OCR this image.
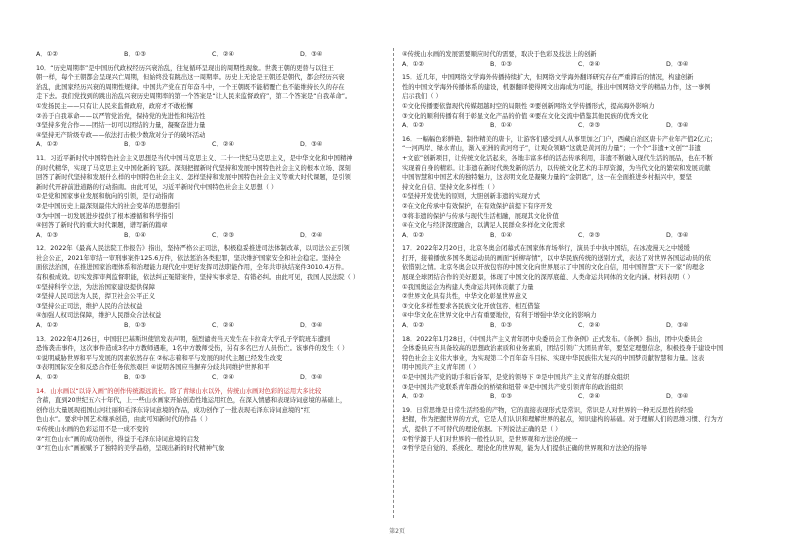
A．①②	B．①③	C．②④	D．③④
10．“历史周期率”是中国历代政权经历兴衰治乱，往复循环呈现出的周期性现象。世袭王朝的更替与以往王
朝一样，每个王朝都会呈现兴亡周期，但始终没有跳出这一周期率。历史上无论是王朝还是朝代，都会经历兴衰
治乱，此国家经历兴衰的周期性规律。中国共产党在百年奋斗中，一个王朝既不能稍覆亡也不能维持长久的存在
走下去。我们党找到的跳出治乱兴衰历史周期率的第一个答案是“让人民来监督政府”，第二个答案是“自我革命”。
①发扬民主——只有让人民来监督政府，政府才不敢松懈
②善于自我革命——以严管党治党，保持党的先进性和纯洁性
③坚持多党合作——团结一切可以团结的力量，凝聚奋进力量
④坚持无产阶级专政——依法打击极少数敌对分子的破坏活动
A．①②	B．①③	C．②④	D．③④
11．习近平新时代中国特色社会主义思想是当代中国马克思主义、二十一世纪马克思主义，是中华文化和中国精神
的时代精华，实现了马克思主义中国化新的飞跃。深刻把握新时代坚持和发展中国特色社会主义的根本立场、深刻
回答了新时代坚持和发展什么样的中国特色社会主义、怎样坚持和发展中国特色社会主义等重大时代课题，是引领
新时代开辟前进道路的行动指南。由此可见，习近平新时代中国特色社会主义思想（ ）
①是党和国家事业发展和航向的引领，是行动指南
②是中国历史上最深刻最伟大的社会变革的思想指引
③为中国一切发展进步提供了根本遵循和科学指引
④回答了新时代的重大时代课题，谱写新的篇章
A．①③	B．①④	C．②③	D．②④
12．2022年《最高人民法院工作报告》指出，坚持严格公正司法，积极稳妥推进司法体制改革，以司法公正引领
社会公正，2021年审结一审刑事案件125.6万件，依法惩治各类犯罪，坚决维护国家安全和社会稳定。坚持全
面依法治国，在推进国家治理体系和治理能力现代化中更好发挥司法职能作用，全年共审执结案件3010.4万件。
有积极成效。切实发挥审判监督职能，依法纠正冤错案件，坚持实事求是、有错必纠。由此可见，我国人民法院（ ）
①坚持科学立法，为法治国家建设提供保障
②坚持人民司法为人民，捍卫社会公平正义
③坚持公正司法，维护人民的合法权益
④加强人权司法保障，维护人民群众合法权益
A．①②	B．①③	C．②④	D．③④
13．2022年4月26日，中国驻巴基斯坦使馆发表声明，强烈谴责当天发生在卡拉奇大学孔子学院班车遭到
恐怖袭击事件，这次事件造成3名中方教师遇难，1名中方教师受伤，另有多名巴方人员伤亡。该事件的发生（ ）
①说明威胁世界和平与发展的因素依然存在 ②标志着和平与发展的时代主题已经发生改变
③表明国际安全和反恐合作任务依然艰巨 ④说明各国应当摒弃分歧共同维护世界和平
A．①②	B．①③	C．②④	D．③④
14．山水画以“以诗入画”的创作传统源远流长。除了青绿山水以外，传统山水画对色彩的运用大多比较
含蓄，直到20世纪五六十年代，上一些山水画家开始创造性地运用红色，在深入情感和表现诗词意境的基础上，
创作出大量展现祖国山河壮丽和毛泽东诗词意境的作品，成功创作了一批表现毛泽东诗词意境的“红
色山水”。要求中国艺术继承创造，由此可知新时代的作品（ ）
①传统山水画的色彩运用不是一成不变的
②“红色山水”画的成功创作，得益于毛泽东诗词意境的启发
③“红色山水”画被赋予了独特的美学品格，呈现出新的时代精神气象
④传统山水画的发展需要顺应时代的需要，取决于色彩及技法上的创新
A．①②	B．①③	C．②④	D．③④
15．近几年，中国网络文学海外传播持续扩大，但网络文学海外翻译研究存在严重滞后的情况，构建创新
性的中国文学海外传播体系的建设，机器翻译使得网文出海成为可能，推出中国网络文学的精品力作，这一事例
启示我们（ ）
①文化传播要依靠现代传媒超越时空的局限性 ②要创新网络文学传播形式，提高海外影响力
③文化的顺利传播有利于彰显文化产品的价值 ④要在文化交流中借鉴其他民族的优秀文化
A．①②	B．①④	C．②③	D．③④
16．一幅幅色彩鲜艳、制作精美的唐卡，让游客们感受到人从事里加之门户，西藏自治区唐卡产业年产值2亿元；
“一河两岸、绿水青山，渐入亚洲的黄河弯子”，让观众领略“这就是黄河的力量”；一个个“非遗+文创”“非遗
+文旅”创新项目，让传统文化活起来，各地丰富多样的活态传承利用，非遗不断融入现代生活的展品，也在不断
实现着自身的精彩。让非遗在新时代焕发新的活力，以传统文化艺术的丰厚资源，为当代文化的繁荣和发展贡献
中国智慧和中国艺术的独特魅力，这表明文化是凝聚力量的“金钥匙”，这一在全面推进乡村振兴中，要坚
持文化自信、坚持文化多样性（ ）
①坚持开发优先的原则，大胆创新非遗的实现方式
②在文化传承中有效保护，在有效保护前提下有序开发
③将非遗的保护与传承与现代生活相融，展现其文化价值
④在文化与经济深度融合，以满足人民群众多样化文化需求
A．①②	B．①④	C．②③	D．③④
17．2022年2月20日，北京冬奥会闭幕式在国家体育场举行，演员手中执中国结，在冰凌漫天之中缓缓
打开，接着播放多国冬奥运动员的画面“折柳寄情”，以中华民族传统的送别方式，表达了对世界各国运动员的依
依惜别之情。北京冬奥会以开放包容的中国文化向世界展示了中国的文化自信，用中国智慧“天下一家”的理念
展现全球团结合作的美好愿景，体现了中国文化的深厚底蕴、人类命运共同体的文化内涵。材料表明（ ）
①我国奥运会为构建人类命运共同体贡献了力量
②世界文化具有共性，中华文化彰显世界意义
③文化多样性要求各民族文化开放包容、相互借鉴
④中华文化在世界文化中占有重要地位，有利于增强中华文化的影响力
A．①②	B．①③	C．②④	D．③④
18．2022年1月28日，《中国共产主义青年团中央委员会工作条例》正式发布。《条例》指出，团中央委员会
全体委员应当具备较高的思想政治素质和业务素质，团结引领广大团员青年，要坚定理想信念，积极投身于建设中国
特色社会主义伟大事业，为实现第二个百年奋斗目标、实现中华民族伟大复兴的中国梦贡献智慧和力量。这表
明中国共产主义青年团（ ）
①是中国共产党的助手和后备军，是党的领导下 ②是中国共产主义青年的群众组织
③是中国共产党联系青年群众的桥梁和纽带 ④是中国共产党引领青年的政治组织
A．①②	B．①③	C．②④	D．③④
19．日常思维是日常生活经验的产物，它的直接表现形式是常识，常识是人对世界的一种无反思性的经验
把握，作为把握世界的方式，它是人们认识和理解世界的起点，知识建构的基础。对于理解人们的思维习惯、行为方
式，提供了不可替代的理论依据。下列说法正确的是（ ）
①哲学源于人们对世界的一般性认识，是世界观和方法论的统一
②哲学是自觉的、系统化、理论化的世界观，能为人们提供正确的世界观和方法论的指导
第2页
